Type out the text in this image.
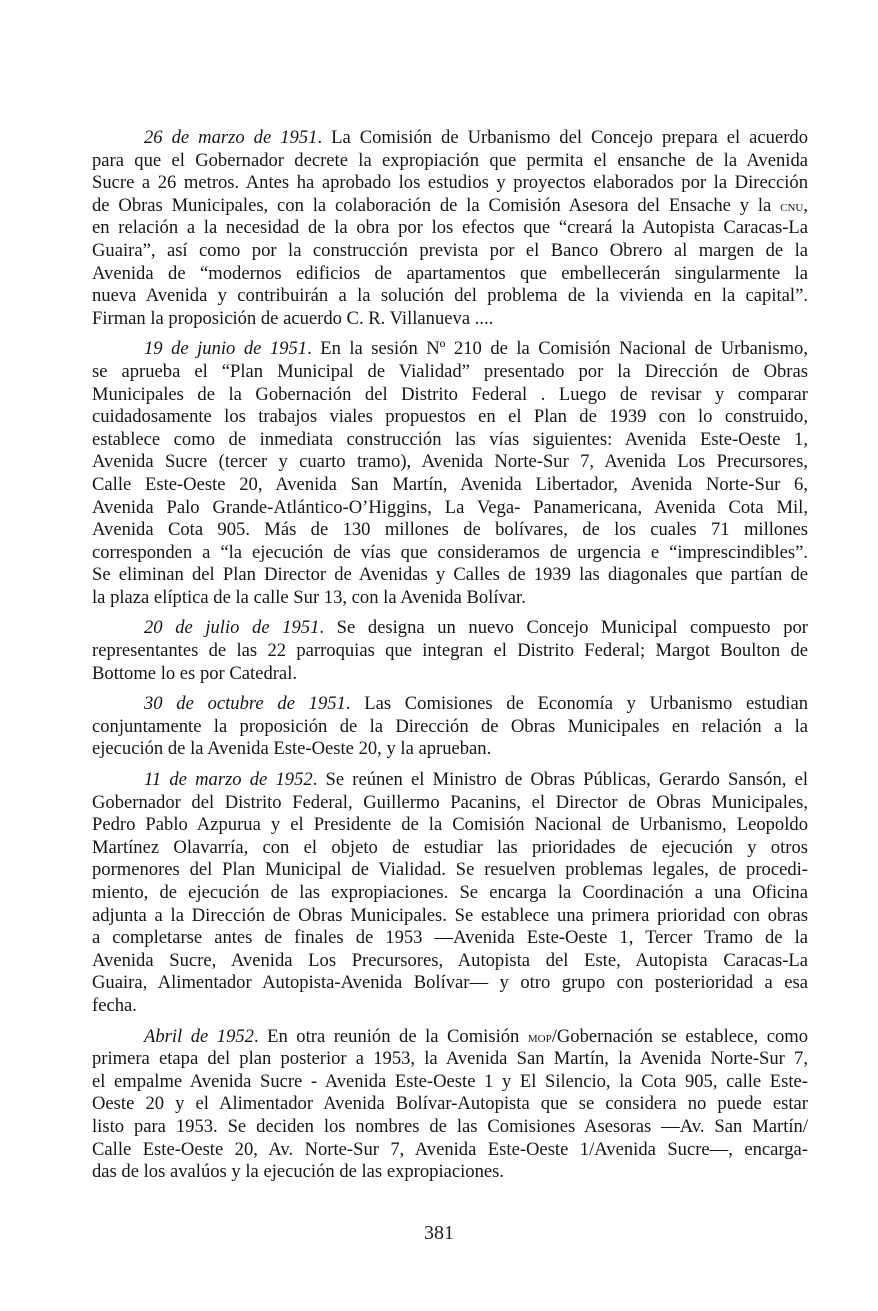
26 de marzo de 1951. La Comisión de Urbanismo del Concejo prepara el acuerdo
para que el Gobernador decrete la expropiación que permita el ensanche de la Avenida
Sucre a 26 metros. Antes ha aprobado los estudios y proyectos elaborados por la Dirección
de Obras Municipales, con la colaboración de la Comisión Asesora del Ensache y la cnu,
en relación a la necesidad de la obra por los efectos que “creará la Autopista Caracas-La
Guaira”, así como por la construcción prevista por el Banco Obrero al margen de la
Avenida de “modernos edificios de apartamentos que embellecerán singularmente la
nueva Avenida y contribuirán a la solución del problema de la vivienda en la capital”.
Firman la proposición de acuerdo C. R. Villanueva ....

19 de junio de 1951. En la sesión Nº 210 de la Comisión Nacional de Urbanismo,
se aprueba el “Plan Municipal de Vialidad” presentado por la Dirección de Obras
Municipales de la Gobernación del Distrito Federal . Luego de revisar y comparar
cuidadosamente los trabajos viales propuestos en el Plan de 1939 con lo construido,
establece como de inmediata construcción las vías siguientes: Avenida Este-Oeste 1,
Avenida Sucre (tercer y cuarto tramo), Avenida Norte-Sur 7, Avenida Los Precursores,
Calle Este-Oeste 20, Avenida San Martín, Avenida Libertador, Avenida Norte-Sur 6,
Avenida Palo Grande-Atlántico-O’Higgins, La Vega- Panamericana, Avenida Cota Mil,
Avenida Cota 905. Más de 130 millones de bolívares, de los cuales 71 millones
corresponden a “la ejecución de vías que consideramos de urgencia e “imprescindibles”.
Se eliminan del Plan Director de Avenidas y Calles de 1939 las diagonales que partían de
la plaza elíptica de la calle Sur 13, con la Avenida Bolívar.

20 de julio de 1951. Se designa un nuevo Concejo Municipal compuesto por
representantes de las 22 parroquias que integran el Distrito Federal; Margot Boulton de
Bottome lo es por Catedral.

30 de octubre de 1951. Las Comisiones de Economía y Urbanismo estudian
conjuntamente la proposición de la Dirección de Obras Municipales en relación a la
ejecución de la Avenida Este-Oeste 20, y la aprueban.

11 de marzo de 1952. Se reúnen el Ministro de Obras Públicas, Gerardo Sansón, el
Gobernador del Distrito Federal, Guillermo Pacanins, el Director de Obras Municipales,
Pedro Pablo Azpurua y el Presidente de la Comisión Nacional de Urbanismo, Leopoldo
Martínez Olavarría, con el objeto de estudiar las prioridades de ejecución y otros
pormenores del Plan Municipal de Vialidad. Se resuelven problemas legales, de procedi-
miento, de ejecución de las expropiaciones. Se encarga la Coordinación a una Oficina
adjunta a la Dirección de Obras Municipales. Se establece una primera prioridad con obras
a completarse antes de finales de 1953 —Avenida Este-Oeste 1, Tercer Tramo de la
Avenida Sucre, Avenida Los Precursores, Autopista del Este, Autopista Caracas-La
Guaira, Alimentador Autopista-Avenida Bolívar— y otro grupo con posterioridad a esa
fecha.

Abril de 1952. En otra reunión de la Comisión mop/Gobernación se establece, como
primera etapa del plan posterior a 1953, la Avenida San Martín, la Avenida Norte-Sur 7,
el empalme Avenida Sucre - Avenida Este-Oeste 1 y El Silencio, la Cota 905, calle Este-
Oeste 20 y el Alimentador Avenida Bolívar-Autopista que se considera no puede estar
listo para 1953. Se deciden los nombres de las Comisiones Asesoras —Av. San Martín/
Calle Este-Oeste 20, Av. Norte-Sur 7, Avenida Este-Oeste 1/Avenida Sucre—, encarga-
das de los avalúos y la ejecución de las expropiaciones.

381
